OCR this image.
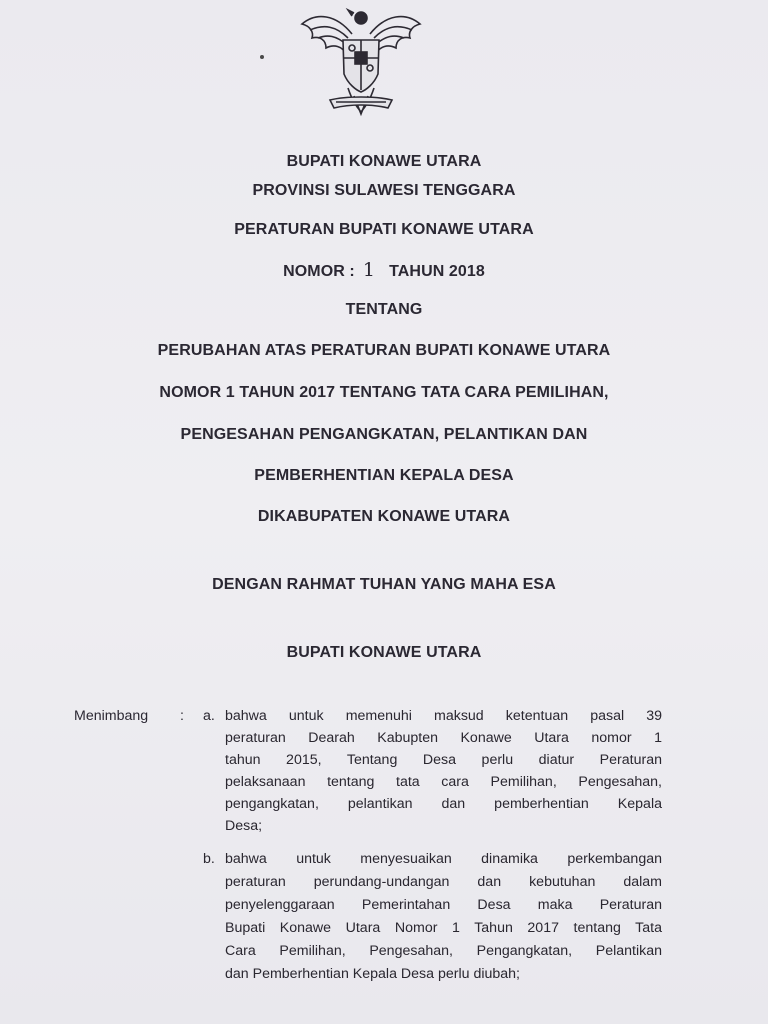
BUPATI KONAWE UTARA
PROVINSI SULAWESI TENGGARA
PERATURAN BUPATI KONAWE UTARA
NOMOR : 1 TAHUN 2018
TENTANG
PERUBAHAN ATAS PERATURAN BUPATI KONAWE UTARA
NOMOR 1 TAHUN 2017 TENTANG TATA CARA PEMILIHAN,
PENGESAHAN PENGANGKATAN, PELANTIKAN DAN
PEMBERHENTIAN KEPALA DESA
DIKABUPATEN KONAWE UTARA
DENGAN RAHMAT TUHAN YANG MAHA ESA
BUPATI KONAWE UTARA
Menimbang : a. bahwa untuk memenuhi maksud ketentuan pasal 39
peraturan Dearah Kabupten Konawe Utara nomor 1
tahun 2015, Tentang Desa perlu diatur Peraturan
pelaksanaan tentang tata cara Pemilihan, Pengesahan,
pengangkatan, pelantikan dan pemberhentian Kepala
Desa;
b. bahwa untuk menyesuaikan dinamika perkembangan
peraturan perundang-undangan dan kebutuhan dalam
penyelenggaraan Pemerintahan Desa maka Peraturan
Bupati Konawe Utara Nomor 1 Tahun 2017 tentang Tata
Cara Pemilihan, Pengesahan, Pengangkatan, Pelantikan
dan Pemberhentian Kepala Desa perlu diubah;
